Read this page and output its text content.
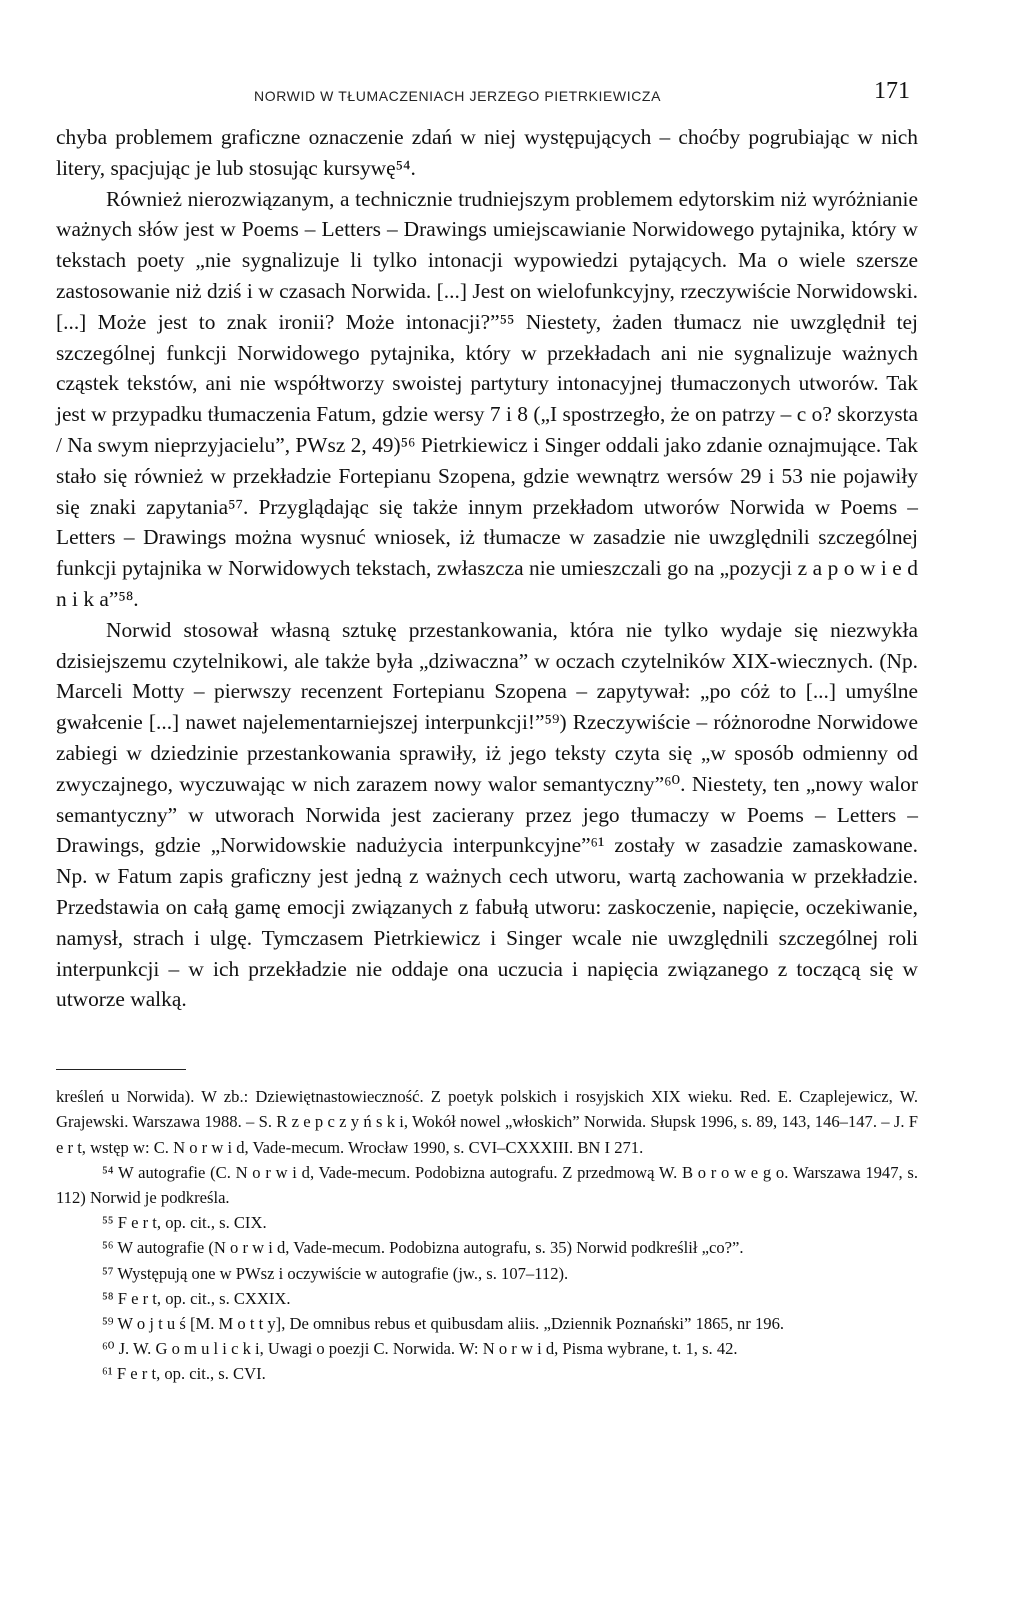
NORWID W TŁUMACZENIACH JERZEGO PIETRKIEWICZA	171

chyba problemem graficzne oznaczenie zdań w niej występujących – choćby pogrubiając w nich litery, spacjując je lub stosując kursywę⁵⁴.

Również nierozwiązanym, a technicznie trudniejszym problemem edytorskim niż wyróżnianie ważnych słów jest w Poems – Letters – Drawings umiejscawianie Norwidowego pytajnika, który w tekstach poety „nie sygnalizuje li tylko intonacji wypowiedzi pytających. Ma o wiele szersze zastosowanie niż dziś i w czasach Norwida. [...] Jest on wielofunkcyjny, rzeczywiście Norwidowski. [...] Może jest to znak ironii? Może intonacji?”⁵⁵ Niestety, żaden tłumacz nie uwzględnił tej szczególnej funkcji Norwidowego pytajnika, który w przekładach ani nie sygnalizuje ważnych cząstek tekstów, ani nie współtworzy swoistej partytury intonacyjnej tłumaczonych utworów. Tak jest w przypadku tłumaczenia Fatum, gdzie wersy 7 i 8 („I spostrzegło, że on patrzy – c o? skorzysta / Na swym nieprzyjacielu”, PWsz 2, 49)⁵⁶ Pietrkiewicz i Singer oddali jako zdanie oznajmujące. Tak stało się również w przekładzie Fortepianu Szopena, gdzie wewnątrz wersów 29 i 53 nie pojawiły się znaki zapytania⁵⁷. Przyglądając się także innym przekładom utworów Norwida w Poems – Letters – Drawings można wysnuć wniosek, iż tłumacze w zasadzie nie uwzględnili szczególnej funkcji pytajnika w Norwidowych tekstach, zwłaszcza nie umieszczali go na „pozycji z a p o w i e d n i k a”⁵⁸.

Norwid stosował własną sztukę przestankowania, która nie tylko wydaje się niezwykła dzisiejszemu czytelnikowi, ale także była „dziwaczna” w oczach czytelników XIX-wiecznych. (Np. Marceli Motty – pierwszy recenzent Fortepianu Szopena – zapytywał: „po cóż to [...] umyślne gwałcenie [...] nawet najelementarniejszej interpunkcji!”⁵⁹) Rzeczywiście – różnorodne Norwidowe zabiegi w dziedzinie przestankowania sprawiły, iż jego teksty czyta się „w sposób odmienny od zwyczajnego, wyczuwając w nich zarazem nowy walor semantyczny”⁶⁰. Niestety, ten „nowy walor semantyczny” w utworach Norwida jest zacierany przez jego tłumaczy w Poems – Letters – Drawings, gdzie „Norwidowskie nadużycia interpunkcyjne”⁶¹ zostały w zasadzie zamaskowane. Np. w Fatum zapis graficzny jest jedną z ważnych cech utworu, wartą zachowania w przekładzie. Przedstawia on całą gamę emocji związanych z fabułą utworu: zaskoczenie, napięcie, oczekiwanie, namysł, strach i ulgę. Tymczasem Pietrkiewicz i Singer wcale nie uwzględnili szczególnej roli interpunkcji – w ich przekładzie nie oddaje ona uczucia i napięcia związanego z toczącą się w utworze walką.

kreśleń u Norwida). W zb.: Dziewiętnastowieczność. Z poetyk polskich i rosyjskich XIX wieku. Red. E. Czaplejewicz, W. Grajewski. Warszawa 1988. – S. R z e p c z y ń s k i, Wokół nowel „włoskich” Norwida. Słupsk 1996, s. 89, 143, 146–147. – J. F e r t, wstęp w: C. N o r w i d, Vade-mecum. Wrocław 1990, s. CVI–CXXXIII. BN I 271.

⁵⁴ W autografie (C. N o r w i d, Vade-mecum. Podobizna autografu. Z przedmową W. B o r o w e g o. Warszawa 1947, s. 112) Norwid je podkreśla.

⁵⁵ F e r t, op. cit., s. CIX.

⁵⁶ W autografie (N o r w i d, Vade-mecum. Podobizna autografu, s. 35) Norwid podkreślił „co?”.

⁵⁷ Występują one w PWsz i oczywiście w autografie (jw., s. 107–112).

⁵⁸ F e r t, op. cit., s. CXXIX.

⁵⁹ W o j t u ś [M. M o t t y], De omnibus rebus et quibusdam aliis. „Dziennik Poznański” 1865, nr 196.

⁶⁰ J. W. G o m u l i c k i, Uwagi o poezji C. Norwida. W: N o r w i d, Pisma wybrane, t. 1, s. 42.

⁶¹ F e r t, op. cit., s. CVI.
